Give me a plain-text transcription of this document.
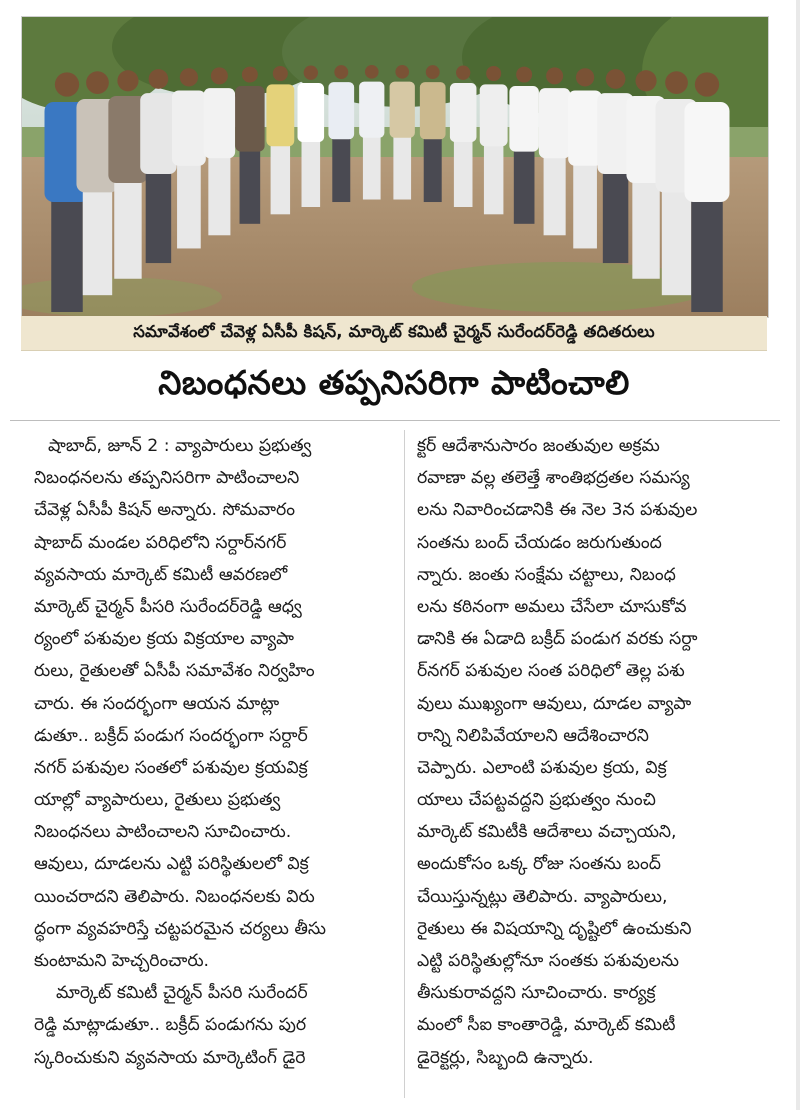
సమావేశంలో చేవెళ్ల ఏసీపీ కిషన్, మార్కెట్ కమిటీ చైర్మన్ సురేందర్‌రెడ్డి తదితరులు
నిబంధనలు తప్పనిసరిగా పాటించాలి
షాబాద్, జూన్ 2 : వ్యాపారులు ప్రభుత్వ
నిబంధనలను తప్పనిసరిగా పాటించాలని
చేవెళ్ల ఏసీపీ కిషన్ అన్నారు. సోమవారం
షాబాద్ మండల పరిధిలోని సర్దార్‌నగర్
వ్యవసాయ మార్కెట్ కమిటీ ఆవరణలో
మార్కెట్ చైర్మన్ పీసరి సురేందర్‌రెడ్డి ఆధ్వ
ర్యంలో పశువుల క్రయ విక్రయాల వ్యాపా
రులు, రైతులతో ఏసీపీ సమావేశం నిర్వహిం
చారు. ఈ సందర్భంగా ఆయన మాట్లా
డుతూ.. బక్రీద్ పండుగ సందర్భంగా సర్దార్
నగర్ పశువుల సంతలో పశువుల క్రయవిక్ర
యాల్లో వ్యాపారులు, రైతులు ప్రభుత్వ
నిబంధనలు పాటించాలని సూచించారు.
ఆవులు, దూడలను ఎట్టి పరిస్థితులలో విక్ర
యించరాదని తెలిపారు. నిబంధనలకు విరు
ద్ధంగా వ్యవహరిస్తే చట్టపరమైన చర్యలు తీసు
కుంటామని హెచ్చరించారు.
మార్కెట్ కమిటీ చైర్మన్ పీసరి సురేందర్
రెడ్డి మాట్లాడుతూ.. బక్రీద్ పండుగను పుర
స్కరించుకుని వ్యవసాయ మార్కెటింగ్ డైరె
క్టర్ ఆదేశానుసారం జంతువుల అక్రమ
రవాణా వల్ల తలెత్తే శాంతిభద్రతల సమస్య
లను నివారించడానికి ఈ నెల 3న పశువుల
సంతను బంద్ చేయడం జరుగుతుంద
న్నారు. జంతు సంక్షేమ చట్టాలు, నిబంధ
లను కఠినంగా అమలు చేసేలా చూసుకోవ
డానికి ఈ ఏడాది బక్రీద్ పండుగ వరకు సర్దా
ర్‌నగర్ పశువుల సంత పరిధిలో తెల్ల పశు
వులు ముఖ్యంగా ఆవులు, దూడల వ్యాపా
రాన్ని నిలిపివేయాలని ఆదేశించారని
చెప్పారు. ఎలాంటి పశువుల క్రయ, విక్ర
యాలు చేపట్టవద్దని ప్రభుత్వం నుంచి
మార్కెట్ కమిటీకి ఆదేశాలు వచ్చాయని,
అందుకోసం ఒక్క రోజు సంతను బంద్
చేయిస్తున్నట్లు తెలిపారు. వ్యాపారులు,
రైతులు ఈ విషయాన్ని దృష్టిలో ఉంచుకుని
ఎట్టి పరిస్థితుల్లోనూ సంతకు పశువులను
తీసుకురావద్దని సూచించారు. కార్యక్ర
మంలో సీఐ కాంతారెడ్డి, మార్కెట్ కమిటీ
డైరెక్టర్లు, సిబ్బంది ఉన్నారు.
